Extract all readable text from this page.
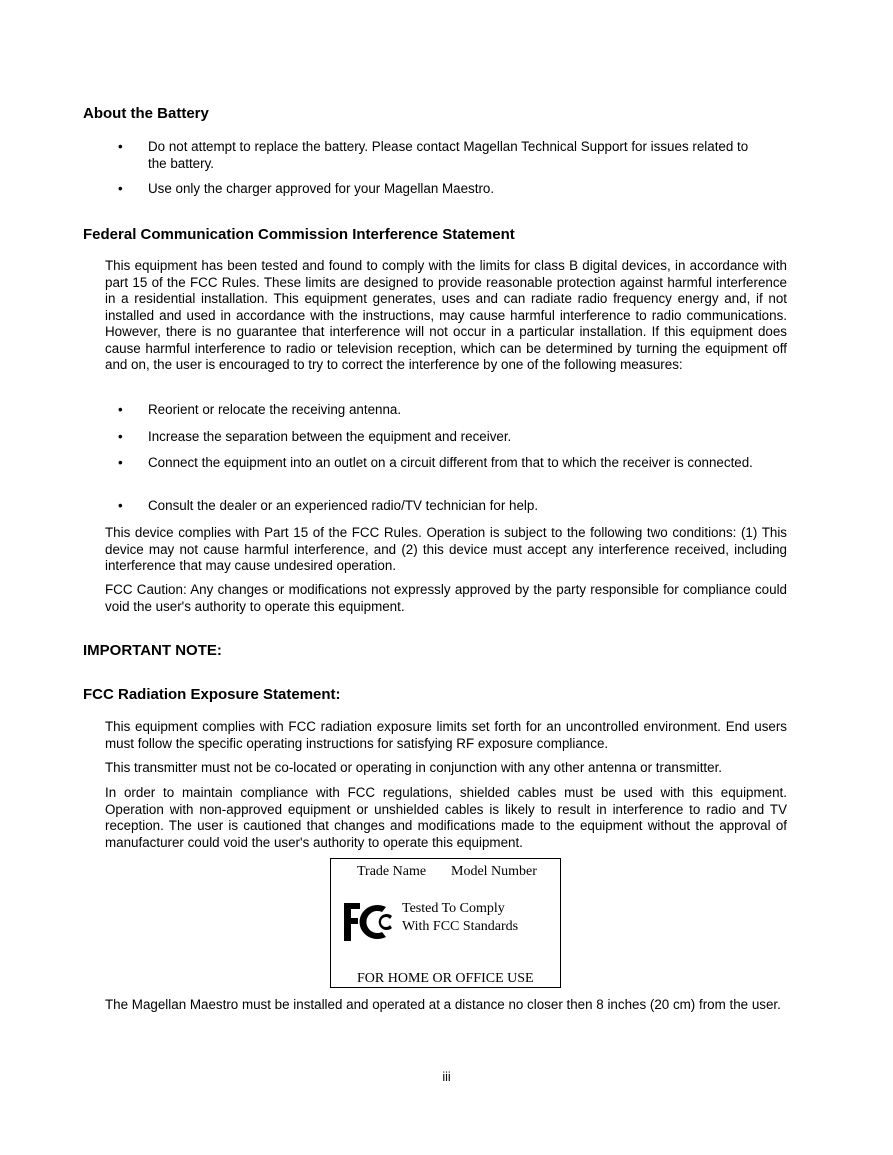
About the Battery
• Do not attempt to replace the battery. Please contact Magellan Technical Support for issues related to the battery.
• Use only the charger approved for your Magellan Maestro.
Federal Communication Commission Interference Statement

This equipment has been tested and found to comply with the limits for class B digital devices, in accordance with part 15 of the FCC Rules. These limits are designed to provide reasonable protection against harmful interference in a residential installation. This equipment generates, uses and can radiate radio frequency energy and, if not installed and used in accordance with the instructions, may cause harmful interference to radio communications. However, there is no guarantee that interference will not occur in a particular installation. If this equipment does cause harmful interference to radio or television reception, which can be determined by turning the equipment off and on, the user is encouraged to try to correct the interference by one of the following measures:

• Reorient or relocate the receiving antenna.
• Increase the separation between the equipment and receiver.
• Connect the equipment into an outlet on a circuit different from that to which the receiver is connected.
• Consult the dealer or an experienced radio/TV technician for help.

This device complies with Part 15 of the FCC Rules. Operation is subject to the following two conditions: (1) This device may not cause harmful interference, and (2) this device must accept any interference received, including interference that may cause undesired operation.

FCC Caution: Any changes or modifications not expressly approved by the party responsible for compliance could void the user's authority to operate this equipment.

IMPORTANT NOTE:
FCC Radiation Exposure Statement:

This equipment complies with FCC radiation exposure limits set forth for an uncontrolled environment. End users must follow the specific operating instructions for satisfying RF exposure compliance.

This transmitter must not be co-located or operating in conjunction with any other antenna or transmitter.

In order to maintain compliance with FCC regulations, shielded cables must be used with this equipment. Operation with non-approved equipment or unshielded cables is likely to result in interference to radio and TV reception. The user is cautioned that changes and modifications made to the equipment without the approval of manufacturer could void the user's authority to operate this equipment.

Trade Name Model Number
Tested To Comply
With FCC Standards
FOR HOME OR OFFICE USE

The Magellan Maestro must be installed and operated at a distance no closer then 8 inches (20 cm) from the user.

iii
